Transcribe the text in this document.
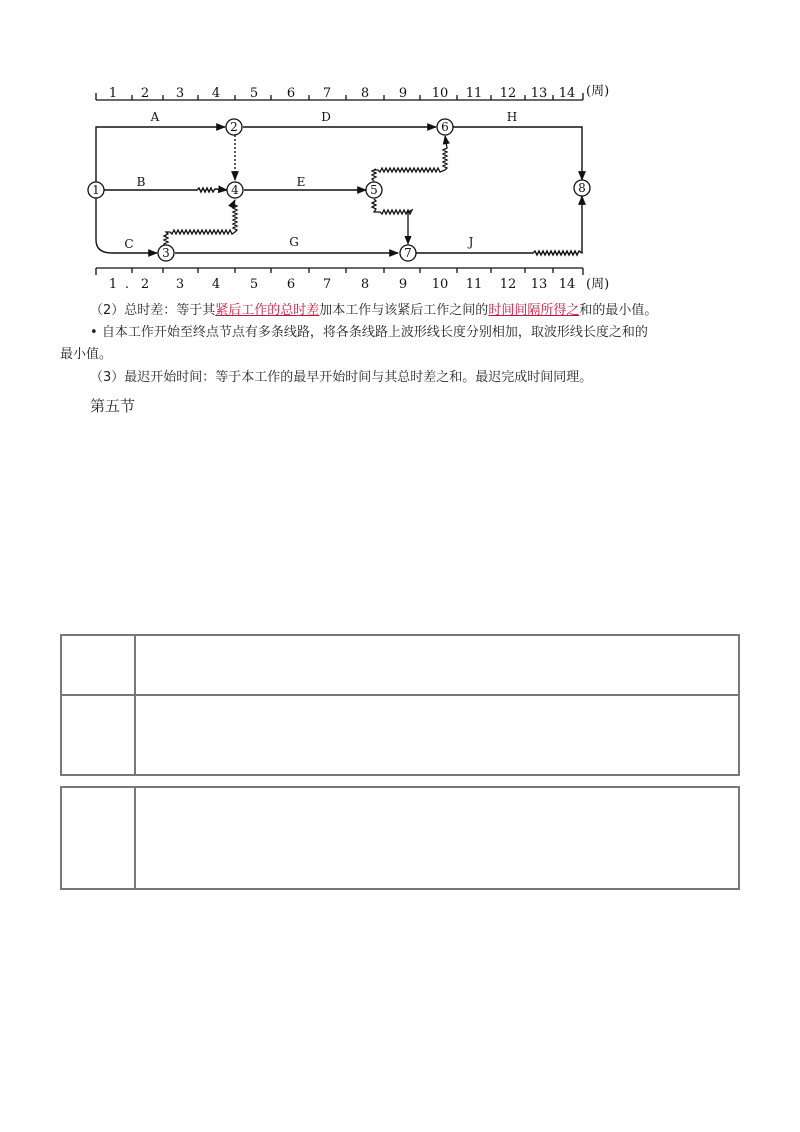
1 2 3 4 5 6 7 8 9 10 11 12 13 14 (周)
1 . 2 3 4 5 6 7 8 9 10 11 12 13 14 (周)
A
B
C
D
E
G
H
J
1
2
3
4	5
6
7
8
（2）总时差：等于其紧后工作的总时差加本工作与该紧后工作之间的时间间隔所得之和的最小值。
• 自本工作开始至终点节点有多条线路，将各条线路上波形线长度分别相加，取波形线长度之和的
最小值。
（3）最迟开始时间：等于本工作的最早开始时间与其总时差之和。最迟完成时间同理。
第五节
